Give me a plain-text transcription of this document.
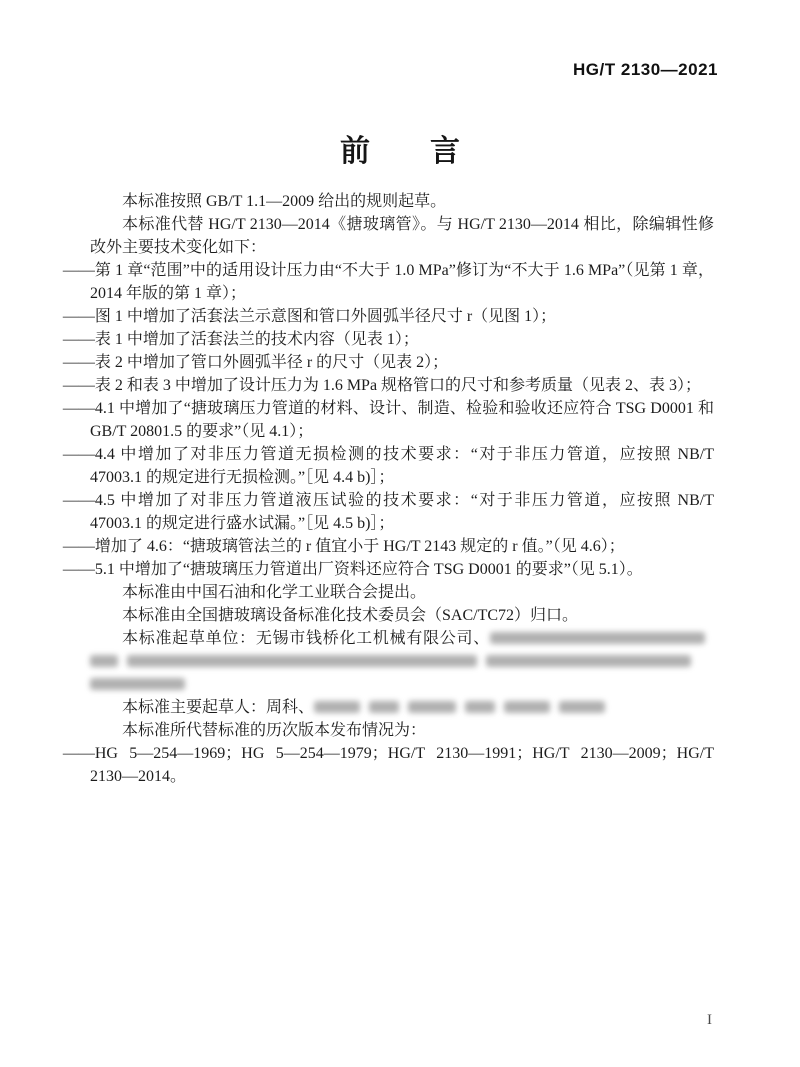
HG/T 2130—2021
前　　言

本标准按照 GB/T 1.1—2009 给出的规则起草。

本标准代替 HG/T 2130—2014《搪玻璃管》。与 HG/T 2130—2014 相比，除编辑性修改外主要技术变化如下：

——第 1 章“范围”中的适用设计压力由“不大于 1.0 MPa”修订为“不大于 1.6 MPa”（见第 1 章，2014 年版的第 1 章）；

——图 1 中增加了活套法兰示意图和管口外圆弧半径尺寸 r（见图 1）；

——表 1 中增加了活套法兰的技术内容（见表 1）；

——表 2 中增加了管口外圆弧半径 r 的尺寸（见表 2）；

——表 2 和表 3 中增加了设计压力为 1.6 MPa 规格管口的尺寸和参考质量（见表 2、表 3）；

——4.1 中增加了“搪玻璃压力管道的材料、设计、制造、检验和验收还应符合 TSG D0001 和 GB/T 20801.5 的要求”（见 4.1）；

——4.4 中增加了对非压力管道无损检测的技术要求：“对于非压力管道，应按照 NB/T 47003.1 的规定进行无损检测。”［见 4.4 b)］；

——4.5 中增加了对非压力管道液压试验的技术要求：“对于非压力管道，应按照 NB/T 47003.1 的规定进行盛水试漏。”［见 4.5 b)］；

——增加了 4.6：“搪玻璃管法兰的 r 值宜小于 HG/T 2143 规定的 r 值。”（见 4.6）；

——5.1 中增加了“搪玻璃压力管道出厂资料还应符合 TSG D0001 的要求”（见 5.1）。

本标准由中国石油和化学工业联合会提出。

本标准由全国搪玻璃设备标准化技术委员会（SAC/TC72）归口。

本标准起草单位：无锡市钱桥化工机械有限公司、

本标准主要起草人：周科、

本标准所代替标准的历次版本发布情况为：

——HG 5—254—1969；HG 5—254—1979；HG/T 2130—1991；HG/T 2130—2009；HG/T 2130—2014。

I
